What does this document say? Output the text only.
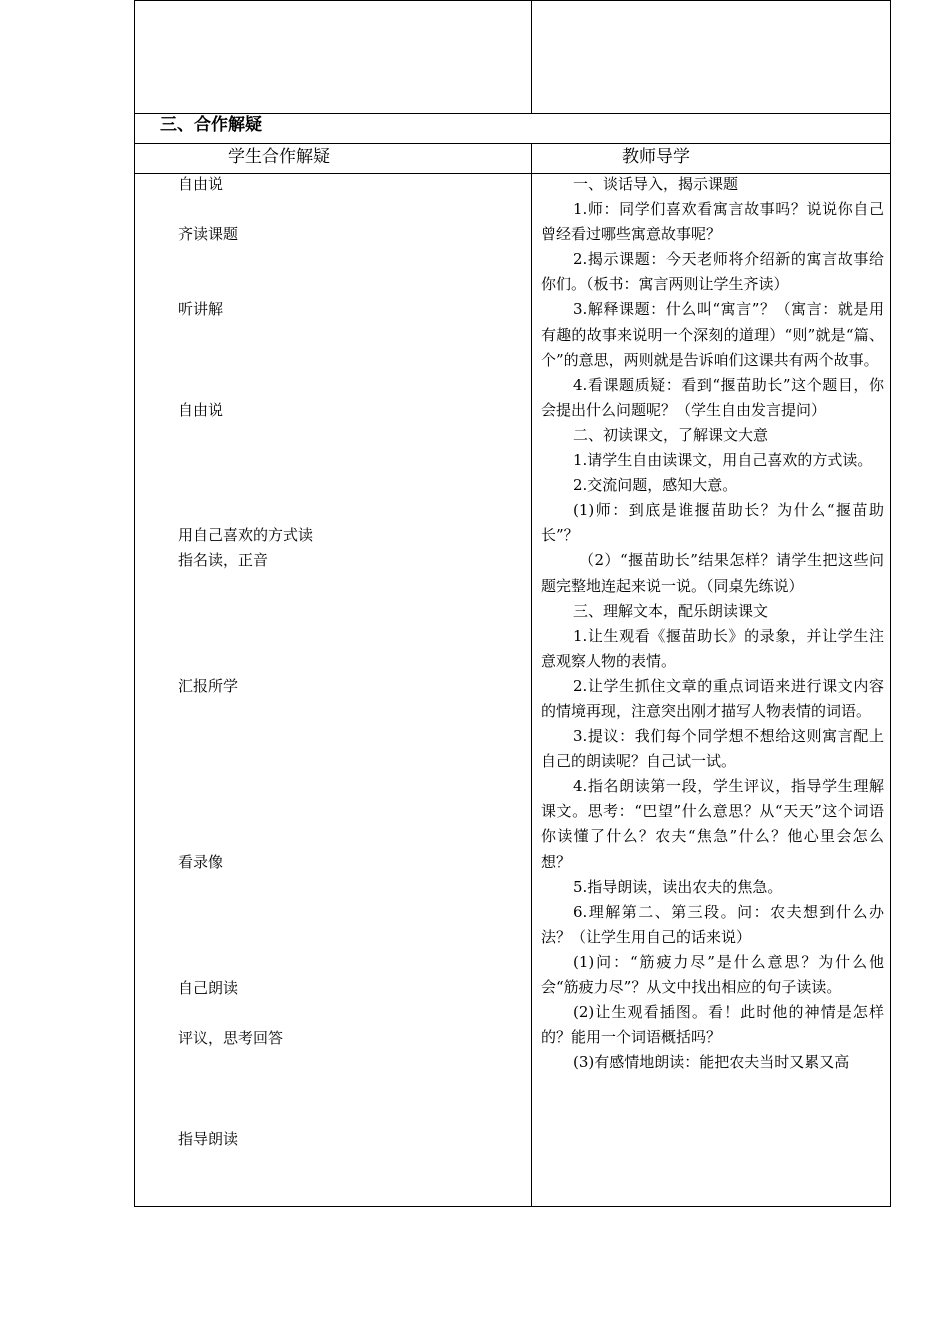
三、合作解疑
学生合作解疑	教师导学
自由说
齐读课题
听讲解
自由说
用自己喜欢的方式读
指名读，正音
汇报所学
看录像
自己朗读
评议，思考回答
指导朗读

一、谈话导入，揭示课题

1.师：同学们喜欢看寓言故事吗？说说你自己曾经看过哪些寓意故事呢？

2.揭示课题：今天老师将介绍新的寓言故事给你们。（板书：寓言两则让学生齐读）

3.解释课题：什么叫“寓言”？（寓言：就是用有趣的故事来说明一个深刻的道理）“则”就是“篇、个”的意思，两则就是告诉咱们这课共有两个故事。

4.看课题质疑：看到“揠苗助长”这个题目，你会提出什么问题呢？（学生自由发言提问）

二、初读课文，了解课文大意

1.请学生自由读课文，用自己喜欢的方式读。

2.交流问题，感知大意。

(1)师：到底是谁揠苗助长？为什么“揠苗助长”？

（2）“揠苗助长”结果怎样？请学生把这些问题完整地连起来说一说。（同桌先练说）

三、理解文本，配乐朗读课文

1.让生观看《揠苗助长》的录象，并让学生注意观察人物的表情。

2.让学生抓住文章的重点词语来进行课文内容的情境再现，注意突出刚才描写人物表情的词语。

3.提议：我们每个同学想不想给这则寓言配上自己的朗读呢？自己试一试。

4.指名朗读第一段，学生评议，指导学生理解课文。思考：“巴望”什么意思？从“天天”这个词语你读懂了什么？农夫“焦急”什么？他心里会怎么想？

5.指导朗读，读出农夫的焦急。

6.理解第二、第三段。问：农夫想到什么办法？（让学生用自己的话来说）

(1)问：“筋疲力尽”是什么意思？为什么他会“筋疲力尽”？从文中找出相应的句子读读。

(2)让生观看插图。看！此时他的神情是怎样的？能用一个词语概括吗？

(3)有感情地朗读：能把农夫当时又累又高
